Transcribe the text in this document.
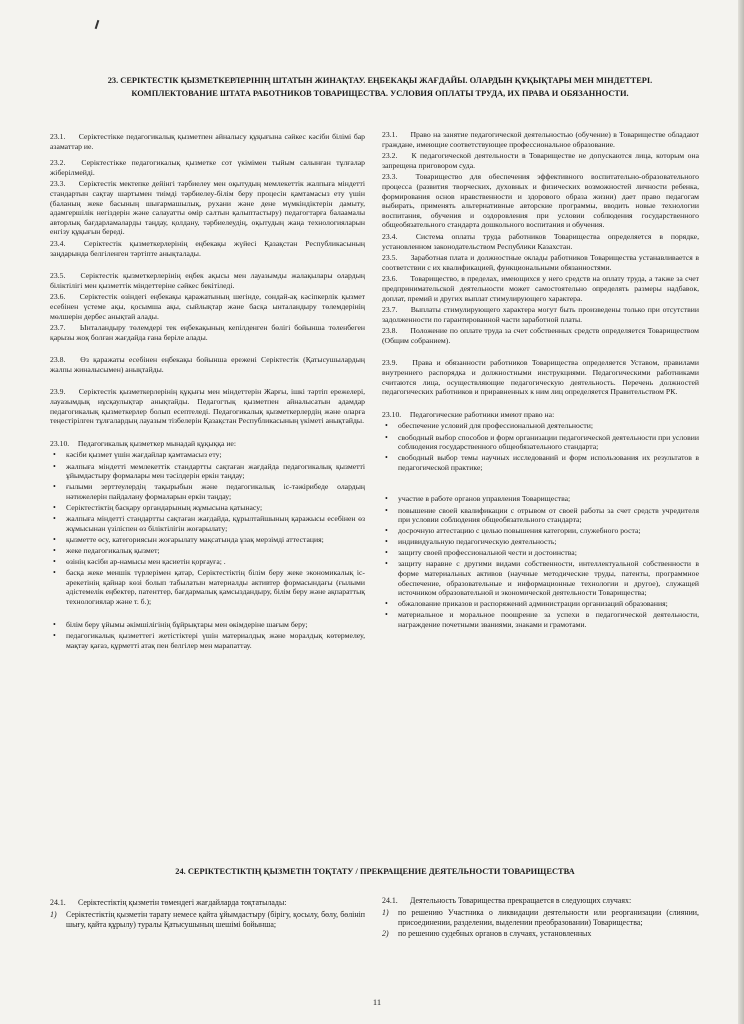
23. СЕРІКТЕСТІК ҚЫЗМЕТКЕРЛЕРІНІҢ ШТАТЫН ЖИНАҚТАУ. ЕҢБЕКАҚЫ ЖАҒДАЙЫ. ОЛАРДЫН ҚҰҚЫҚТАРЫ МЕН МІНДЕТТЕРІ. КОМПЛЕКТОВАНИЕ ШТАТА РАБОТНИКОВ ТОВАРИЩЕСТВА. УСЛОВИЯ ОПЛАТЫ ТРУДА, ИХ ПРАВА И ОБЯЗАННОСТИ.

23.1. Серіктестікке педагогикалық қызметпен айналысу құқығына сәйкес кәсіби білімі бар азаматтар ие.

23.2. Серіктестікке педагогикалық қызметке сот үкімімен тыйым салынған тұлғалар жіберілмейді.

23.3. Серіктестік мектепке дейінгі тәрбиелеу мен оқытудың мемлекеттік жалпыға міндетті стандартын сақтау шартымен тиімді тәрбиелеу-білім беру процесін қамтамасыз ету үшін (баланың жеке басының шығармашылық, рухани және дене мүмкіндіктерін дамыту, адамгершілік негіздерін және салауатты өмір салтын қалыптастыру) педагогтарға балаамалы авторлық бағдарламаларды таңдау, қолдану, тәрбиелеудің, оқытудың жаңа технологияларын енгізу құқығын береді.

23.4. Серіктестік қызметкерлерінің еңбекақы жүйесі Қазақстан Республикасының заңдарында белгіленген тәртіпте анықталады.

23.5. Серіктестік қызметкерлерінің еңбек ақысы мен лауазымды жалақылары олардың біліктілігі мен қызметтік міндеттеріне сәйкес бекітіледі.

23.6. Серіктестік өзіндегі еңбекақы қаражатының шегінде, сондай-ақ кәсіпкерлік қызмет есебінен үстеме ақы, қосымша ақы, сыйлықтар және басқа ынталандыру төлемдерінің мөлшерін дербес анықтай алады.

23.7. Ынталандыру төлемдері тек еңбекақының кепілденген бөлігі бойынша төленбеген қарызы жоқ болған жағдайда ғана беріле алады.

23.8. Өз қаражаты есебінен еңбекақы бойынша ережені Серіктестік (Қатысушылардың жалпы жиналысымен) анықтайды.

23.9. Серіктестік қызметкерлерінің құқығы мен міндеттерін Жарғы, ішкі тәртіп ережелері, лауазымдық нұсқаулықтар анықтайды. Педагогтық қызметпен айналысатын адамдар педагогикалық қызметкерлер болып есептеледі. Педагогикалық қызметкерлердің және оларға теңестірілген тұлғалардың лауазым тізбелерін Қазақстан Республикасының үкіметі анықтайды.

23.10. Педагогикалық қызметкер мынадай құқыққа ие:

• кәсіби қызмет үшін жағдайлар қамтамасыз ету;
• жалпыға міндетті мемлекеттік стандартты сақтаған жағдайда педагогикалық қызметті ұйымдастыру формалары мен тәсілдерін еркін таңдау;
• ғылыми зерттеулердің тақырыбын және педагогикалық іс-тәжірибеде олардың нәтижелерін пайдалану формаларын еркін таңдау;
• Серіктестіктің басқару органдарының жұмысына қатынасу;
• жалпыға міндетті стандартты сақтаған жағдайда, құрылтайшының қаражысы есебінен өз жұмысынан үзіліспен өз біліктілігін жоғарылату;
• қызметте өсу, категориясын жоғарылату мақсатында ұзақ мерзімді аттестация;
• жеке педагогикалық қызмет;
• өзінің кәсіби ар-намысы мен қасиетін қорғауға; .
• басқа жеке меншік түрлерімен қатар, Серіктестіктің білім беру жеке экономикалық іс-әрекетінің қайнар көзі болып табылатын материалды активтер формасындағы (ғылыми әдістемелік еңбектер, патенттер, бағдармалық қамсыздандыру, білім беру және ақпараттық технологиялар және т. б.);
• білім беру ұйымы әкімшілігінің бұйрықтары мен өкімдеріне шағым беру;
• педагогикалық қызметтегі жетістіктері үшін материалдық және моралдық көтермелеу, мақтау қағаз, құрметті атақ пен белгілер мен марапаттау.

23.1. Право на занятие педагогической деятельностью (обучение) в Товариществе обладают граждане, имеющие соответствующее профессиональное образование.

23.2. К педагогической деятельности в Товариществе не допускаются лица, которым она запрещена приговором суда.

23.3. Товарищество для обеспечения эффективного воспитательно-образовательного процесса (развития творческих, духовных и физических возможностей личности ребенка, формирования основ нравственности и здорового образа жизни) дает право педагогам выбирать, применять альтернативные авторские программы, вводить новые технологии воспитания, обучения и оздоровления при условии соблюдения государственного общеобязательного стандарта дошкольного воспитания и обучения.

23.4. Система оплаты труда работников Товарищества определяется в порядке, установленном законодательством Республики Казахстан.

23.5. Заработная плата и должностные оклады работников Товарищества устанавливается в соответствии с их квалификацией, функциональными обязанностями.

23.6. Товарищество, в пределах, имеющихся у него средств на оплату труда, а также за счет предпринимательской деятельности может самостоятельно определять размеры надбавок, доплат, премий и других выплат стимулирующего характера.

23.7. Выплаты стимулирующего характера могут быть произведены только при отсутствии задолженности по гарантированной части заработной платы.

23.8. Положение по оплате труда за счет собственных средств определяется Товариществом (Общим собранием).

23.9. Права и обязанности работников Товарищества определяется Уставом, правилами внутреннего распорядка и должностными инструкциями. Педагогическими работниками считаются лица, осуществляющие педагогическую деятельность. Перечень должностей педагогических работников и приравненных к ним лиц определяется Правительством РК.

23.10. Педагогические работники имеют право на:

• обеспечение условий для профессиональной деятельности;
• свободный выбор способов и форм организации педагогической деятельности при условии соблюдения государственного общеобязательного стандарта;
• свободный выбор темы научных исследований и форм использования их результатов в педагогической практике;
• участие в работе органов управления Товарищества;
• повышение своей квалификации с отрывом от своей работы за счет средств учредителя при условии соблюдения общеобязательного стандарта;
• досрочную аттестацию с целью повышения категории, служебного роста;
• индивидуальную педагогическую деятельность;
• защиту своей профессиональной чести и достоинства;
• защиту наравне с другими видами собственности, интеллектуальной собственности в форме материальных активов (научные методические труды, патенты, программное обеспечение, образовательные и информационные технологии и другое), служащей источником образовательной и экономической деятельности Товарищества;
• обжалование приказов и распоряжений администрации организаций образования;
• материальное и моральное поощрение за успехи в педагогической деятельности, награждение почетными званиями, знаками и грамотами.
24. СЕРІКТЕСТІКТІҢ ҚЫЗМЕТІН ТОҚТАТУ / ПРЕКРАЩЕНИЕ ДЕЯТЕЛЬНОСТИ ТОВАРИЩЕСТВА

24.1. Серіктестіктің қызметін төмендегі жағдайларда тоқтатылады:

1) Серіктестіктің қызметін тарату немесе қайта ұйымдастыру (бірігу, қосылу, бөлу, бөлініп шығу, қайта құрылу) туралы Қатысушының шешімі бойынша;

24.1. Деятельность Товарищества прекращается в следующих случаях:

1) по решению Участника о ликвидации деятельности или реорганизации (слиянии, присоединении, разделении, выделении преобразовании) Товарищества;
2) по решению судебных органов в случаях, установленных
11
